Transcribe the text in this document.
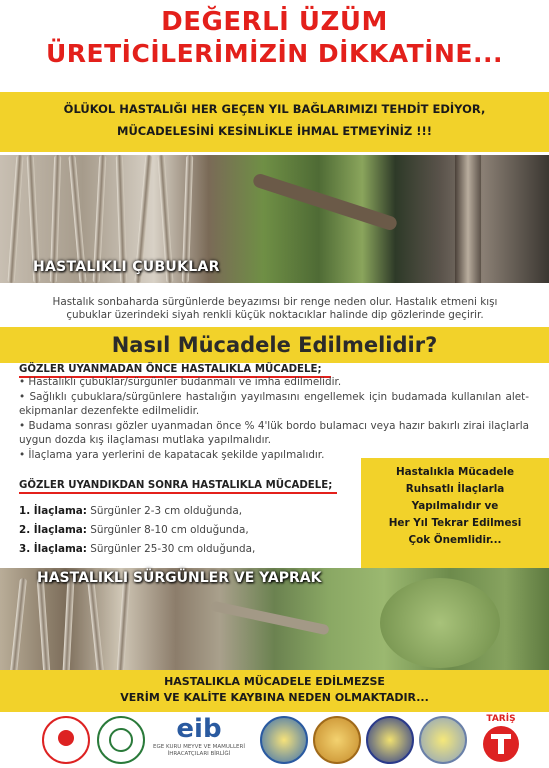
DEĞERLİ ÜZÜM
ÜRETİCİLERİMİZİN DİKKATİNE...
ÖLÜKOL HASTALIĞI HER GEÇEN YIL BAĞLARIMIZI TEHDİT EDİYOR,
MÜCADELESİNİ KESİNLİKLE İHMAL ETMEYİNİZ !!!
HASTALIKLI ÇUBUKLAR
Hastalık sonbaharda sürgünlerde beyazımsı bir renge neden olur. Hastalık etmeni kışı çubuklar üzerindeki siyah renkli küçük noktacıklar halinde dip gözlerinde geçirir.
Nasıl Mücadele Edilmelidir?
GÖZLER UYANMADAN ÖNCE HASTALIKLA MÜCADELE;
• Hastalıklı çubuklar/sürgünler budanmalı ve imha edilmelidir.
• Sağlıklı çubuklara/sürgünlere hastalığın yayılmasını engellemek için budamada kullanılan alet-ekipmanlar dezenfekte edilmelidir.
• Budama sonrası gözler uyanmadan önce % 4'lük bordo bulamacı veya hazır bakırlı zirai ilaçlarla uygun dozda kış ilaçlaması mutlaka yapılmalıdır.
• İlaçlama yara yerlerini de kapatacak şekilde yapılmalıdır.
GÖZLER UYANDIKDAN SONRA HASTALIKLA MÜCADELE;
1. İlaçlama: Sürgünler 2-3 cm olduğunda,
2. İlaçlama: Sürgünler 8-10 cm olduğunda,
3. İlaçlama: Sürgünler 25-30 cm olduğunda,
Hastalıkla Mücadele
Ruhsatlı İlaçlarla
Yapılmalıdır ve
Her Yıl Tekrar Edilmesi
Çok Önemlidir...
HASTALIKLI SÜRGÜNLER VE YAPRAK
HASTALIKLA MÜCADELE EDİLMEZSE
VERİM VE KALİTE KAYBINA NEDEN OLMAKTADIR...
eib
EGE KURU MEYVE VE MAMULLERİ
İHRACATÇILARI BİRLİĞİ
TARİŞ
